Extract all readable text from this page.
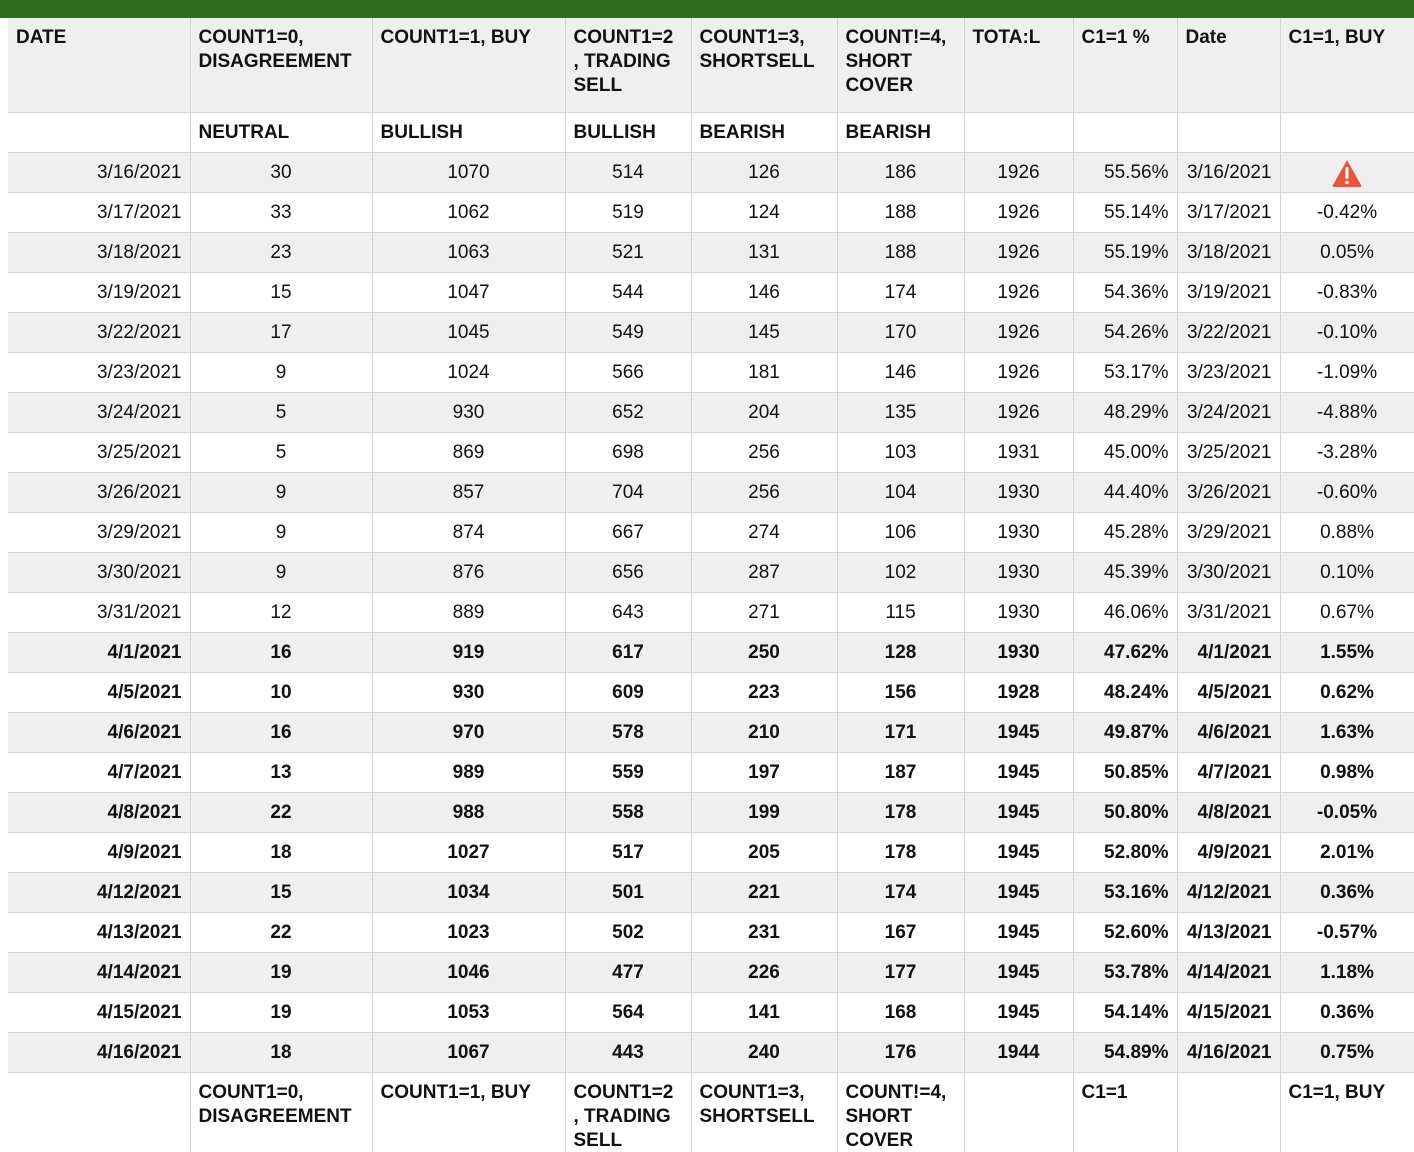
DATE	COUNT1=0, DISAGREEMENT	COUNT1=1, BUY	COUNT1=2 , TRADING SELL	COUNT1=3, SHORTSELL	COUNT!=4, SHORT COVER	TOTA:L	C1=1 %	Date	C1=1, BUY
	NEUTRAL	BULLISH	BULLISH	BEARISH	BEARISH				
3/16/2021	30	1070	514	126	186	1926	55.56%	3/16/2021	
3/17/2021	33	1062	519	124	188	1926	55.14%	3/17/2021	-0.42%
3/18/2021	23	1063	521	131	188	1926	55.19%	3/18/2021	0.05%
3/19/2021	15	1047	544	146	174	1926	54.36%	3/19/2021	-0.83%
3/22/2021	17	1045	549	145	170	1926	54.26%	3/22/2021	-0.10%
3/23/2021	9	1024	566	181	146	1926	53.17%	3/23/2021	-1.09%
3/24/2021	5	930	652	204	135	1926	48.29%	3/24/2021	-4.88%
3/25/2021	5	869	698	256	103	1931	45.00%	3/25/2021	-3.28%
3/26/2021	9	857	704	256	104	1930	44.40%	3/26/2021	-0.60%
3/29/2021	9	874	667	274	106	1930	45.28%	3/29/2021	0.88%
3/30/2021	9	876	656	287	102	1930	45.39%	3/30/2021	0.10%
3/31/2021	12	889	643	271	115	1930	46.06%	3/31/2021	0.67%
4/1/2021	16	919	617	250	128	1930	47.62%	4/1/2021	1.55%
4/5/2021	10	930	609	223	156	1928	48.24%	4/5/2021	0.62%
4/6/2021	16	970	578	210	171	1945	49.87%	4/6/2021	1.63%
4/7/2021	13	989	559	197	187	1945	50.85%	4/7/2021	0.98%
4/8/2021	22	988	558	199	178	1945	50.80%	4/8/2021	-0.05%
4/9/2021	18	1027	517	205	178	1945	52.80%	4/9/2021	2.01%
4/12/2021	15	1034	501	221	174	1945	53.16%	4/12/2021	0.36%
4/13/2021	22	1023	502	231	167	1945	52.60%	4/13/2021	-0.57%
4/14/2021	19	1046	477	226	177	1945	53.78%	4/14/2021	1.18%
4/15/2021	19	1053	564	141	168	1945	54.14%	4/15/2021	0.36%
4/16/2021	18	1067	443	240	176	1944	54.89%	4/16/2021	0.75%
	COUNT1=0, DISAGREEMENT	COUNT1=1, BUY	COUNT1=2 , TRADING SELL	COUNT1=3, SHORTSELL	COUNT!=4, SHORT COVER		C1=1		C1=1, BUY
